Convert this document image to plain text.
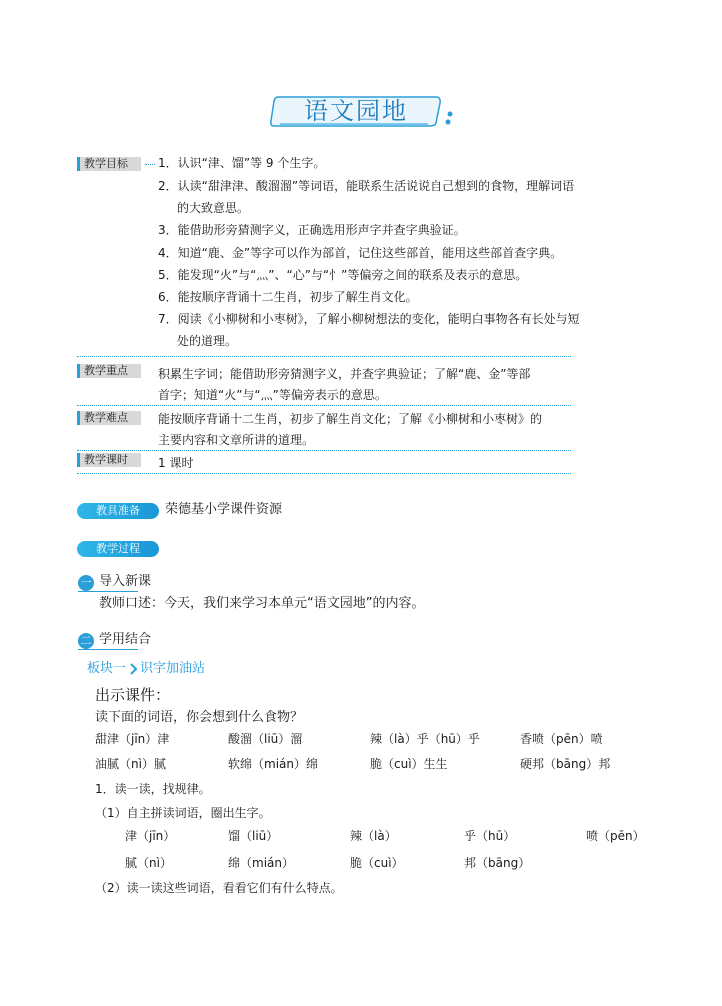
语文园地
教学目标	1．认识“津、馏”等 9 个生字。
2．认读“甜津津、酸溜溜”等词语，能联系生活说说自己想到的食物，理解词语
的大致意思。
3．能借助形旁猜测字义，正确选用形声字并查字典验证。
4．知道“鹿、金”等字可以作为部首，记住这些部首，能用这些部首查字典。
5．能发现“火”与“灬”、“心”与“忄”等偏旁之间的联系及表示的意思。
6．能按顺序背诵十二生肖，初步了解生肖文化。
7．阅读《小柳树和小枣树》，了解小柳树想法的变化，能明白事物各有长处与短
处的道理。
教学重点	积累生字词；能借助形旁猜测字义，并查字典验证；了解“鹿、金”等部
首字；知道“火”与“灬”等偏旁表示的意思。
教学难点	能按顺序背诵十二生肖，初步了解生肖文化；了解《小柳树和小枣树》的
主要内容和文章所讲的道理。
教学课时	1 课时
教具准备	荣德基小学课件资源
教学过程
一 导入新课
教师口述：今天，我们来学习本单元“语文园地”的内容。
二 学用结合
板块一 识字加油站
出示课件：
读下面的词语，你会想到什么食物？
甜津（jīn）津	酸溜（liū）溜	辣（là）乎（hū）乎	香喷（pēn）喷
油腻（nì）腻	软绵（mián）绵	脆（cuì）生生	硬邦（bāng）邦
1．读一读，找规律。
（1）自主拼读词语，圈出生字。
津（jīn）	馏（liū）	辣（là）	乎（hū）	喷（pēn）
腻（nì）	绵（mián）	脆（cuì）	邦（bāng）
（2）读一读这些词语，看看它们有什么特点。
